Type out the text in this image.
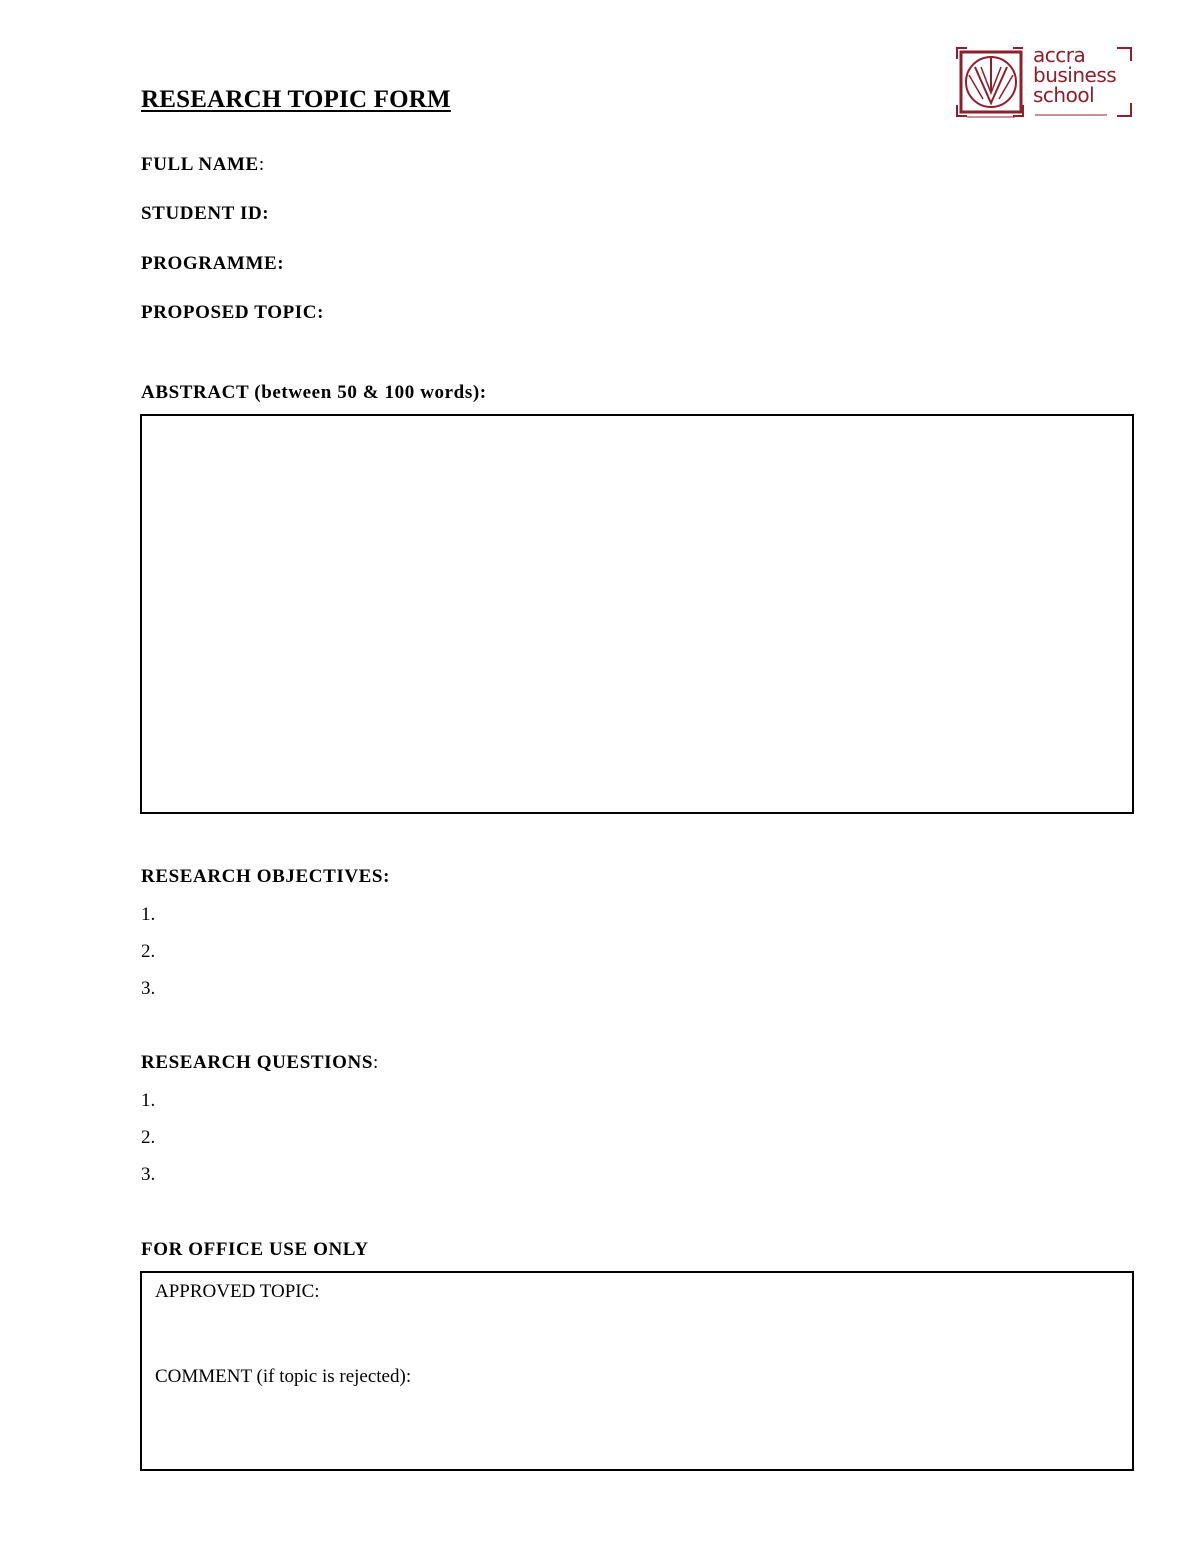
RESEARCH TOPIC FORM
accra
business
school
FULL NAME:
STUDENT ID:
PROGRAMME:
PROPOSED TOPIC:
ABSTRACT (between 50 & 100 words):
RESEARCH OBJECTIVES:
1.
2.
3.
RESEARCH QUESTIONS:
1.
2.
3.
FOR OFFICE USE ONLY
APPROVED TOPIC:
COMMENT (if topic is rejected):
